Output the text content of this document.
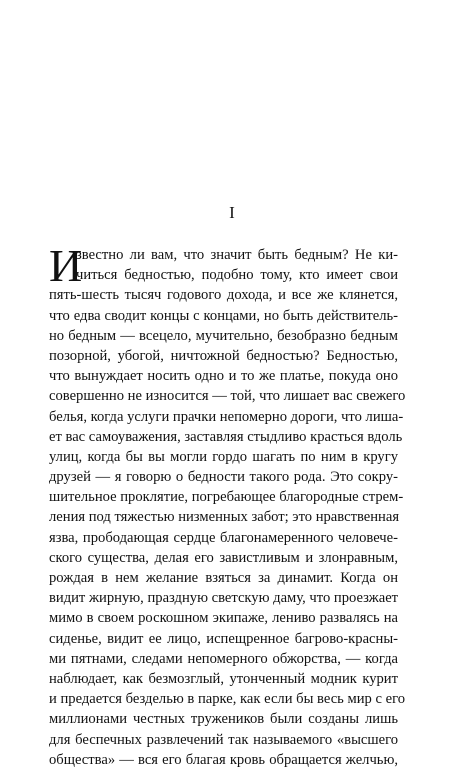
I
И
звестно ли вам, что значит быть бедным? Не ки-
читься бедностью, подобно тому, кто имеет свои
пять-шесть тысяч годового дохода, и все же клянется,
что едва сводит концы с концами, но быть действитель-
но бедным — всецело, мучительно, безобразно бедным
позорной, убогой, ничтожной бедностью? Бедностью,
что вынуждает носить одно и то же платье, покуда оно
совершенно не износится — той, что лишает вас свежего
белья, когда услуги прачки непомерно дороги, что лиша-
ет вас самоуважения, заставляя стыдливо красться вдоль
улиц, когда бы вы могли гордо шагать по ним в кругу
друзей — я говорю о бедности такого рода. Это сокру-
шительное проклятие, погребающее благородные стрем-
ления под тяжестью низменных забот; это нравственная
язва, прободающая сердце благонамеренного человече-
ского существа, делая его завистливым и злонравным,
рождая в нем желание взяться за динамит. Когда он
видит жирную, праздную светскую даму, что проезжает
мимо в своем роскошном экипаже, лениво развалясь на
сиденье, видит ее лицо, испещренное багрово-красны-
ми пятнами, следами непомерного обжорства, — когда
наблюдает, как безмозглый, утонченный модник курит
и предается безделью в парке, как если бы весь мир с его
миллионами честных тружеников были созданы лишь
для беспечных развлечений так называемого «высшего
общества» — вся его благая кровь обращается желчью,
